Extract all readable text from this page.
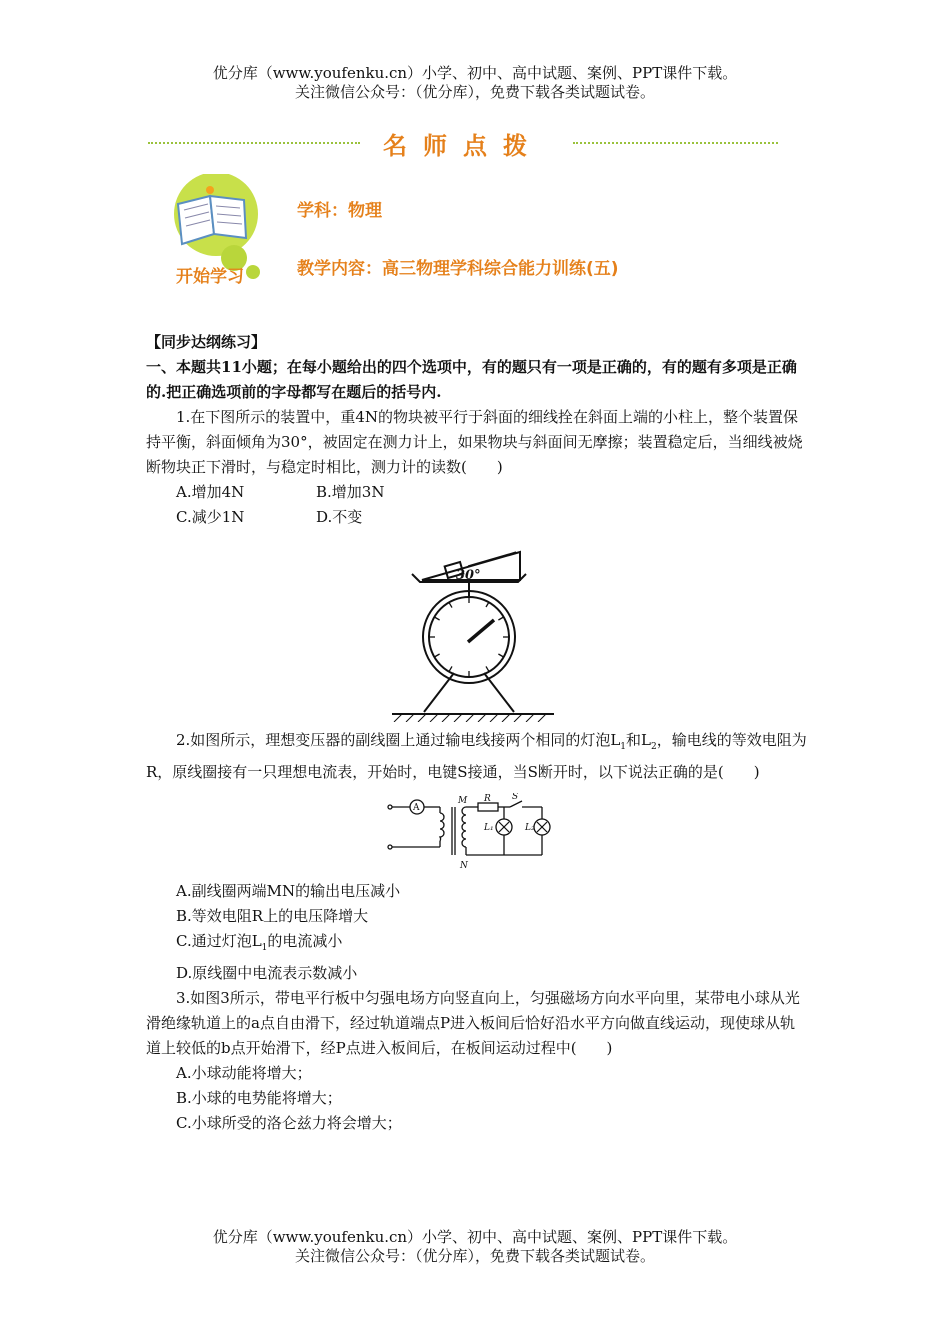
优分库（www.youfenku.cn）小学、初中、高中试题、案例、PPT课件下载。
关注微信公众号：（优分库），免费下载各类试题试卷。
名师点拨
开始学习
学科：物理
教学内容：高三物理学科综合能力训练(五)

【同步达纲练习】

一、本题共11小题；在每小题给出的四个选项中，有的题只有一项是正确的，有的题有多项是正确的.把正确选项前的字母都写在题后的括号内.

1.在下图所示的装置中，重4N的物块被平行于斜面的细线拴在斜面上端的小柱上，整个装置保持平衡，斜面倾角为30°，被固定在测力计上，如果物块与斜面间无摩擦；装置稳定后，当细线被烧断物块正下滑时，与稳定时相比，测力计的读数(　　)

A.增加4N	B.增加3N
C.减少1N	D.不变
30°

2.如图所示，理想变压器的副线圈上通过输电线接两个相同的灯泡$L_1$和$L_2$，输电线的等效电阻为R，原线圈接有一只理想电流表，开始时，电键S接通，当S断开时，以下说法正确的是(　　)

A
M
N
R S
L₁	L₂

A.副线圈两端MN的输出电压减小

B.等效电阻R上的电压降增大

C.通过灯泡$L_1$的电流减小

D.原线圈中电流表示数减小

3.如图3所示，带电平行板中匀强电场方向竖直向上，匀强磁场方向水平向里，某带电小球从光滑绝缘轨道上的a点自由滑下，经过轨道端点P进入板间后恰好沿水平方向做直线运动，现使球从轨道上较低的b点开始滑下，经P点进入板间后，在板间运动过程中(　　)

A.小球动能将增大；

B.小球的电势能将增大；

C.小球所受的洛仑兹力将会增大；

优分库（www.youfenku.cn）小学、初中、高中试题、案例、PPT课件下载。
关注微信公众号：（优分库），免费下载各类试题试卷。
